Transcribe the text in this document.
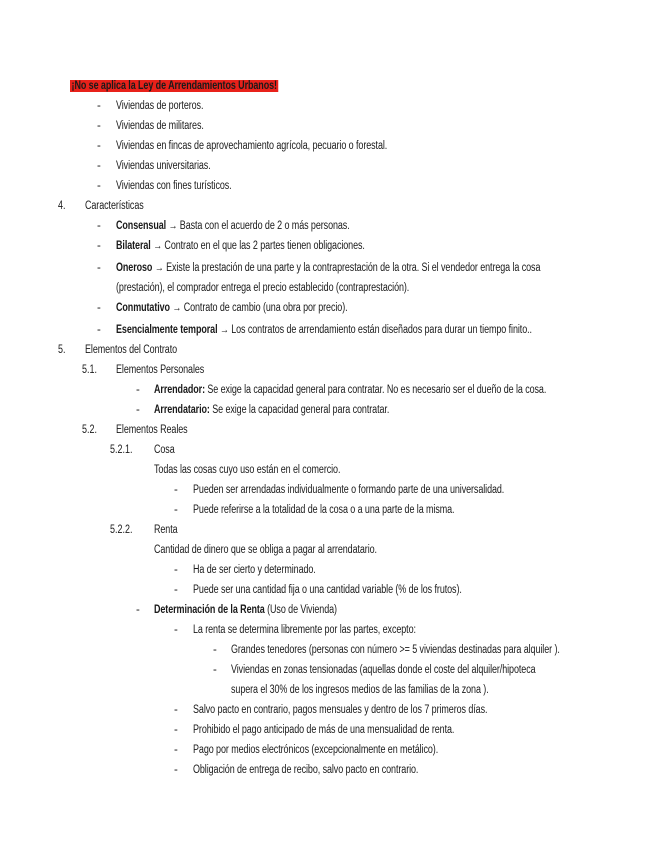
¡No se aplica la Ley de Arrendamientos Urbanos!
- Viviendas de porteros.
- Viviendas de militares.
- Viviendas en fincas de aprovechamiento agrícola, pecuario o forestal.
- Viviendas universitarias.
- Viviendas con fines turísticos.
4. Características
- Consensual → Basta con el acuerdo de 2 o más personas.
- Bilateral → Contrato en el que las 2 partes tienen obligaciones.
- Oneroso → Existe la prestación de una parte y la contraprestación de la otra. Si el vendedor entrega la cosa
(prestación), el comprador entrega el precio establecido (contraprestación).
- Conmutativo → Contrato de cambio (una obra por precio).
- Esencialmente temporal → Los contratos de arrendamiento están diseñados para durar un tiempo finito..
5. Elementos del Contrato
5.1. Elementos Personales
- Arrendador: Se exige la capacidad general para contratar. No es necesario ser el dueño de la cosa.
- Arrendatario: Se exige la capacidad general para contratar.
5.2. Elementos Reales
5.2.1. Cosa
Todas las cosas cuyo uso están en el comercio.
- Pueden ser arrendadas individualmente o formando parte de una universalidad.
- Puede referirse a la totalidad de la cosa o a una parte de la misma.
5.2.2. Renta
Cantidad de dinero que se obliga a pagar al arrendatario.
- Ha de ser cierto y determinado.
- Puede ser una cantidad fija o una cantidad variable (% de los frutos).
- Determinación de la Renta (Uso de Vivienda)
- La renta se determina libremente por las partes, excepto:
- Grandes tenedores (personas con número >= 5 viviendas destinadas para alquiler ).
- Viviendas en zonas tensionadas (aquellas donde el coste del alquiler/hipoteca
supera el 30% de los ingresos medios de las familias de la zona ).
- Salvo pacto en contrario, pagos mensuales y dentro de los 7 primeros días.
- Prohibido el pago anticipado de más de una mensualidad de renta.
- Pago por medios electrónicos (excepcionalmente en metálico).
- Obligación de entrega de recibo, salvo pacto en contrario.
